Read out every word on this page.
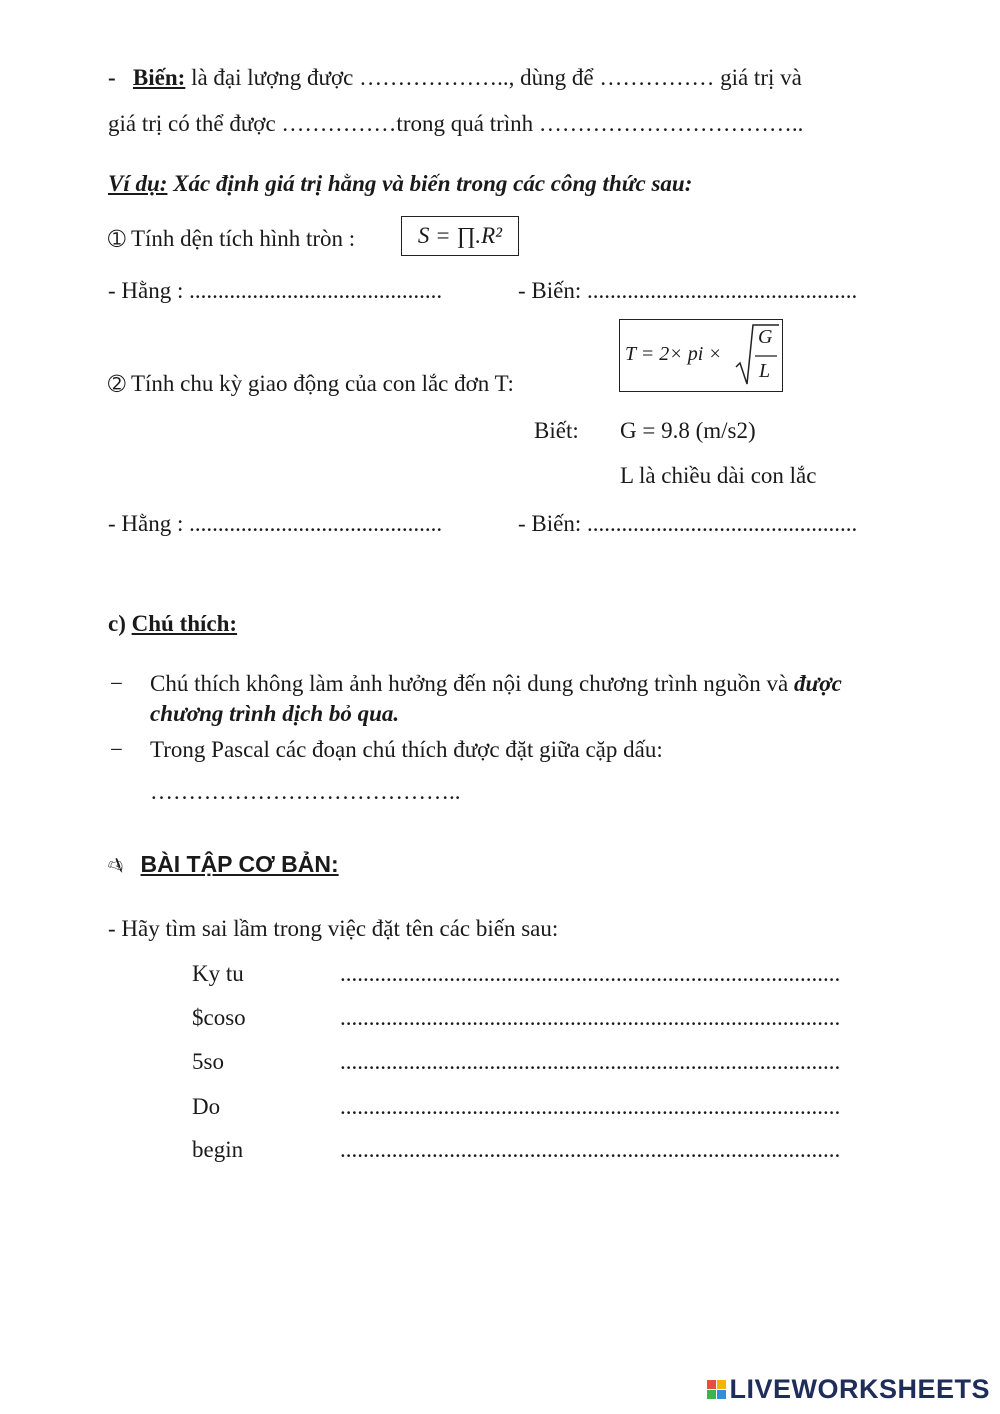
- Biến: là đại lượng được ……………….., dùng để …………… giá trị và
giá trị có thể được ……………trong quá trình ……………………………..
Ví dụ: Xác định giá trị hằng và biến trong các công thức sau:
➀ Tính dện tích hình tròn :	S = ∏.R²
- Hằng : ............................................	- Biến: ...............................................
➁ Tính chu kỳ giao động của con lắc đơn T:
T = 2× pi ×
G
L
Biết: G = 9.8 (m/s2)
L là chiều dài con lắc
- Hằng : ............................................	- Biến: ...............................................
c) Chú thích:
− Chú thích không làm ảnh hưởng đến nội dung chương trình nguồn và được
chương trình dịch bỏ qua.
− Trong Pascal các đoạn chú thích được đặt giữa cặp dấu:
…………………………………..
✍ BÀI TẬP CƠ BẢN:
- Hãy tìm sai lầm trong việc đặt tên các biến sau:
Ky tu	.......................................................................................
$coso	.......................................................................................
5so	.......................................................................................
Do	.......................................................................................
begin	.......................................................................................
LIVEWORKSHEETS
